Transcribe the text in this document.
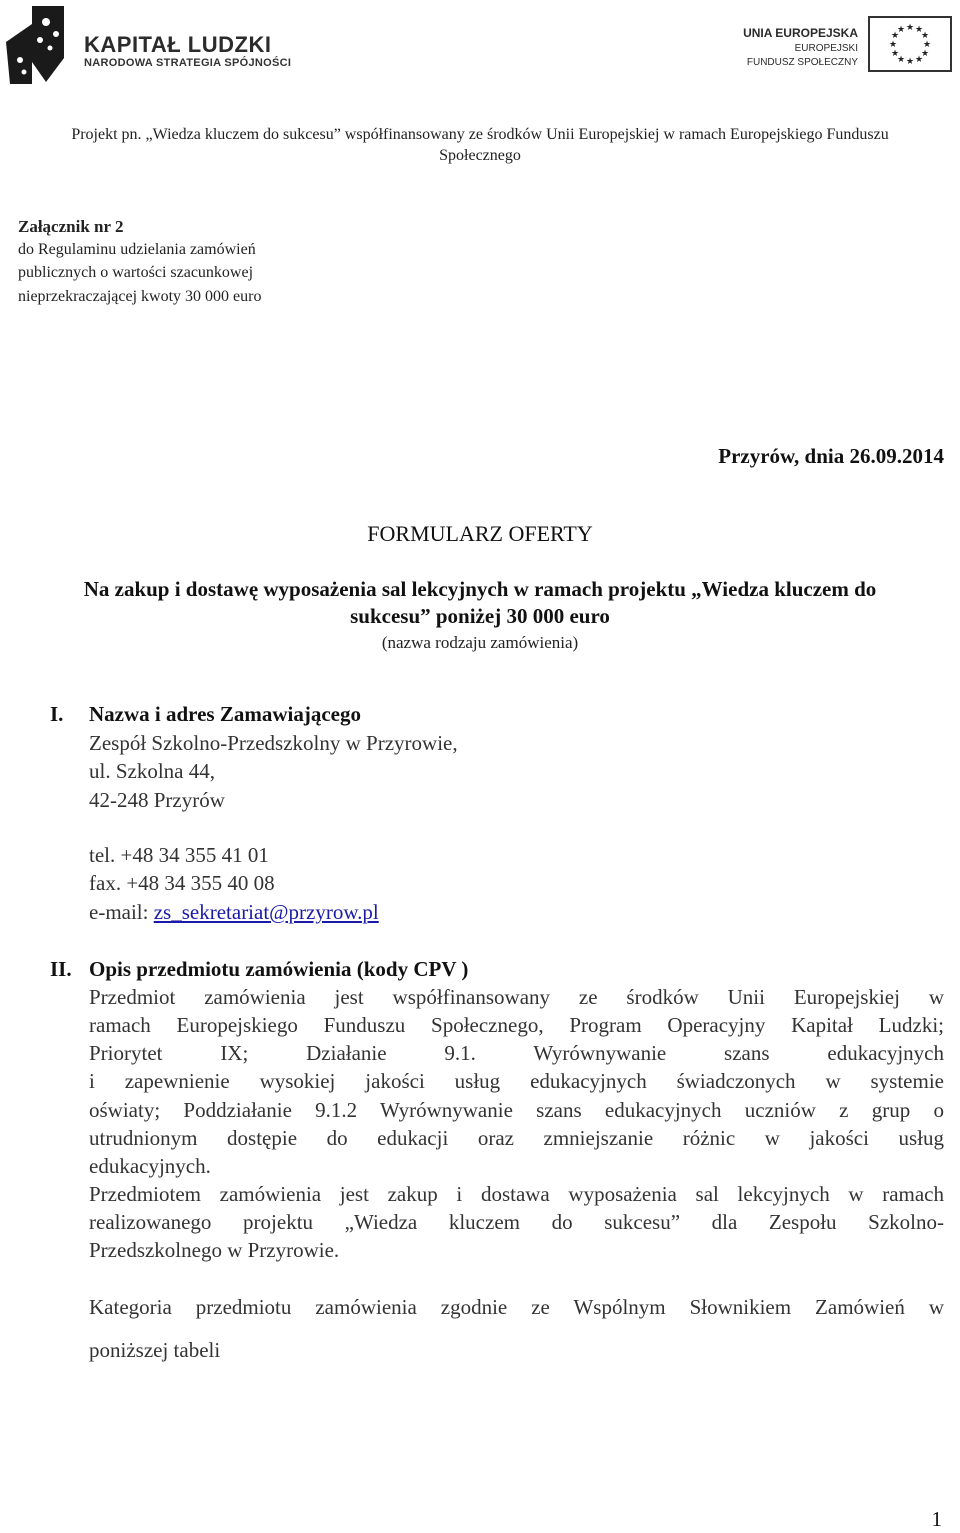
KAPITAŁ LUDZKI
NARODOWA STRATEGIA SPÓJNOŚCI
UNIA EUROPEJSKA
EUROPEJSKI
FUNDUSZ SPOŁECZNY
★ ★
★
★
★
★
★
★
★
★
★
★
Projekt pn. „Wiedza kluczem do sukcesu” współfinansowany ze środków Unii Europejskiej w ramach Europejskiego Funduszu Społecznego
Załącznik nr 2
do Regulaminu udzielania zamówień
publicznych o wartości szacunkowej
nieprzekraczającej kwoty 30 000 euro
Przyrów, dnia 26.09.2014
FORMULARZ OFERTY
Na zakup i dostawę wyposażenia sal lekcyjnych w ramach projektu „Wiedza kluczem do
sukcesu” poniżej 30 000 euro
(nazwa rodzaju zamówienia)
I. Nazwa i adres Zamawiającego
Zespół Szkolno-Przedszkolny w Przyrowie,
ul. Szkolna 44,
42-248 Przyrów
tel. +48 34 355 41 01
fax. +48 34 355 40 08
e-mail: zs_sekretariat@przyrow.pl
II. Opis przedmiotu zamówienia (kody CPV )
Przedmiot zamówienia jest współfinansowany ze środków Unii Europejskiej w
ramach Europejskiego Funduszu Społecznego, Program Operacyjny Kapitał Ludzki;
Priorytet IX; Działanie 9.1. Wyrównywanie szans edukacyjnych
i zapewnienie wysokiej jakości usług edukacyjnych świadczonych w systemie
oświaty; Poddziałanie 9.1.2 Wyrównywanie szans edukacyjnych uczniów z grup o
utrudnionym dostępie do edukacji oraz zmniejszanie różnic w jakości usług
edukacyjnych.
Przedmiotem zamówienia jest zakup i dostawa wyposażenia sal lekcyjnych w ramach
realizowanego projektu „Wiedza kluczem do sukcesu” dla Zespołu Szkolno-
Przedszkolnego w Przyrowie.
Kategoria przedmiotu zamówienia zgodnie ze Wspólnym Słownikiem Zamówień w
poniższej tabeli
1
